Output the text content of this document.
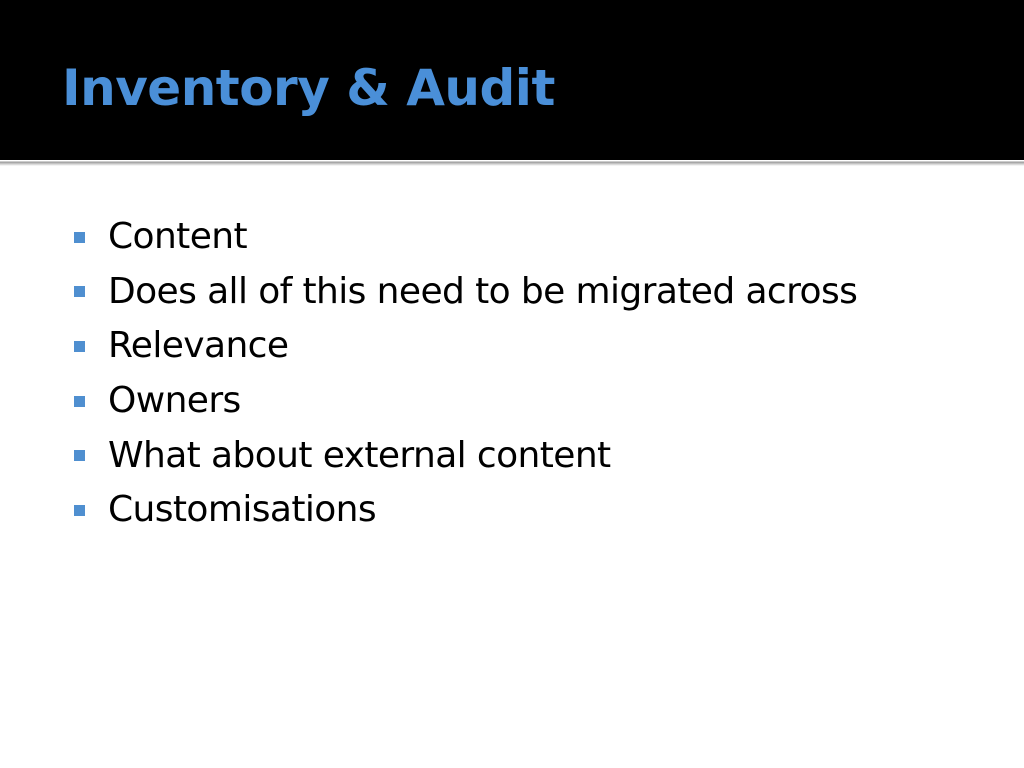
Inventory & Audit
Content
Does all of this need to be migrated across
Relevance
Owners
What about external content
Customisations
